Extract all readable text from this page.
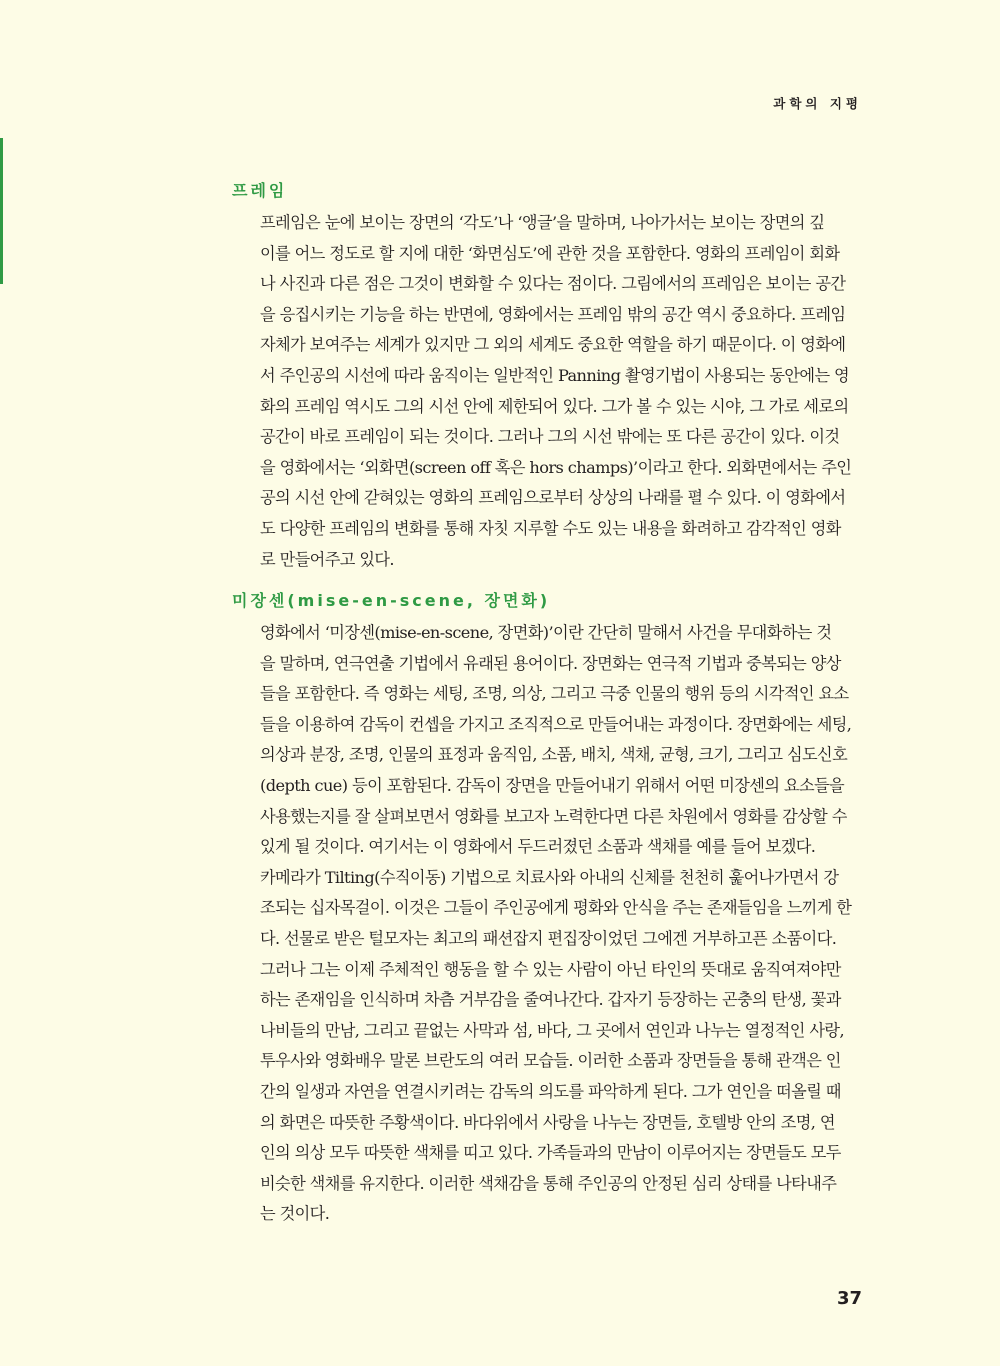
과학의 지평
프레임

프레임은 눈에 보이는 장면의 ‘각도’나 ‘앵글’을 말하며, 나아가서는 보이는 장면의 깊
이를 어느 정도로 할 지에 대한 ‘화면심도’에 관한 것을 포함한다. 영화의 프레임이 회화
나 사진과 다른 점은 그것이 변화할 수 있다는 점이다. 그림에서의 프레임은 보이는 공간
을 응집시키는 기능을 하는 반면에, 영화에서는 프레임 밖의 공간 역시 중요하다. 프레임
자체가 보여주는 세계가 있지만 그 외의 세계도 중요한 역할을 하기 때문이다. 이 영화에
서 주인공의 시선에 따라 움직이는 일반적인 Panning 촬영기법이 사용되는 동안에는 영
화의 프레임 역시도 그의 시선 안에 제한되어 있다. 그가 볼 수 있는 시야, 그 가로 세로의
공간이 바로 프레임이 되는 것이다. 그러나 그의 시선 밖에는 또 다른 공간이 있다. 이것
을 영화에서는 ‘외화면(screen off 혹은 hors champs)’이라고 한다. 외화면에서는 주인
공의 시선 안에 갇혀있는 영화의 프레임으로부터 상상의 나래를 펼 수 있다. 이 영화에서
도 다양한 프레임의 변화를 통해 자칫 지루할 수도 있는 내용을 화려하고 감각적인 영화
로 만들어주고 있다.

미장센(mise-en-scene, 장면화)

영화에서 ‘미장센(mise-en-scene, 장면화)’이란 간단히 말해서 사건을 무대화하는 것
을 말하며, 연극연출 기법에서 유래된 용어이다. 장면화는 연극적 기법과 중복되는 양상
들을 포함한다. 즉 영화는 세팅, 조명, 의상, 그리고 극중 인물의 행위 등의 시각적인 요소
들을 이용하여 감독이 컨셉을 가지고 조직적으로 만들어내는 과정이다. 장면화에는 세팅,
의상과 분장, 조명, 인물의 표정과 움직임, 소품, 배치, 색채, 균형, 크기, 그리고 심도신호
(depth cue) 등이 포함된다. 감독이 장면을 만들어내기 위해서 어떤 미장센의 요소들을
사용했는지를 잘 살펴보면서 영화를 보고자 노력한다면 다른 차원에서 영화를 감상할 수
있게 될 것이다. 여기서는 이 영화에서 두드러졌던 소품과 색채를 예를 들어 보겠다.
카메라가 Tilting(수직이동) 기법으로 치료사와 아내의 신체를 천천히 훑어나가면서 강
조되는 십자목걸이. 이것은 그들이 주인공에게 평화와 안식을 주는 존재들임을 느끼게 한
다. 선물로 받은 털모자는 최고의 패션잡지 편집장이었던 그에겐 거부하고픈 소품이다.
그러나 그는 이제 주체적인 행동을 할 수 있는 사람이 아닌 타인의 뜻대로 움직여져야만
하는 존재임을 인식하며 차츰 거부감을 줄여나간다. 갑자기 등장하는 곤충의 탄생, 꽃과
나비들의 만남, 그리고 끝없는 사막과 섬, 바다, 그 곳에서 연인과 나누는 열정적인 사랑,
투우사와 영화배우 말론 브란도의 여러 모습들. 이러한 소품과 장면들을 통해 관객은 인
간의 일생과 자연을 연결시키려는 감독의 의도를 파악하게 된다. 그가 연인을 떠올릴 때
의 화면은 따뜻한 주황색이다. 바다위에서 사랑을 나누는 장면들, 호텔방 안의 조명, 연
인의 의상 모두 따뜻한 색채를 띠고 있다. 가족들과의 만남이 이루어지는 장면들도 모두
비슷한 색채를 유지한다. 이러한 색채감을 통해 주인공의 안정된 심리 상태를 나타내주
는 것이다.

37
